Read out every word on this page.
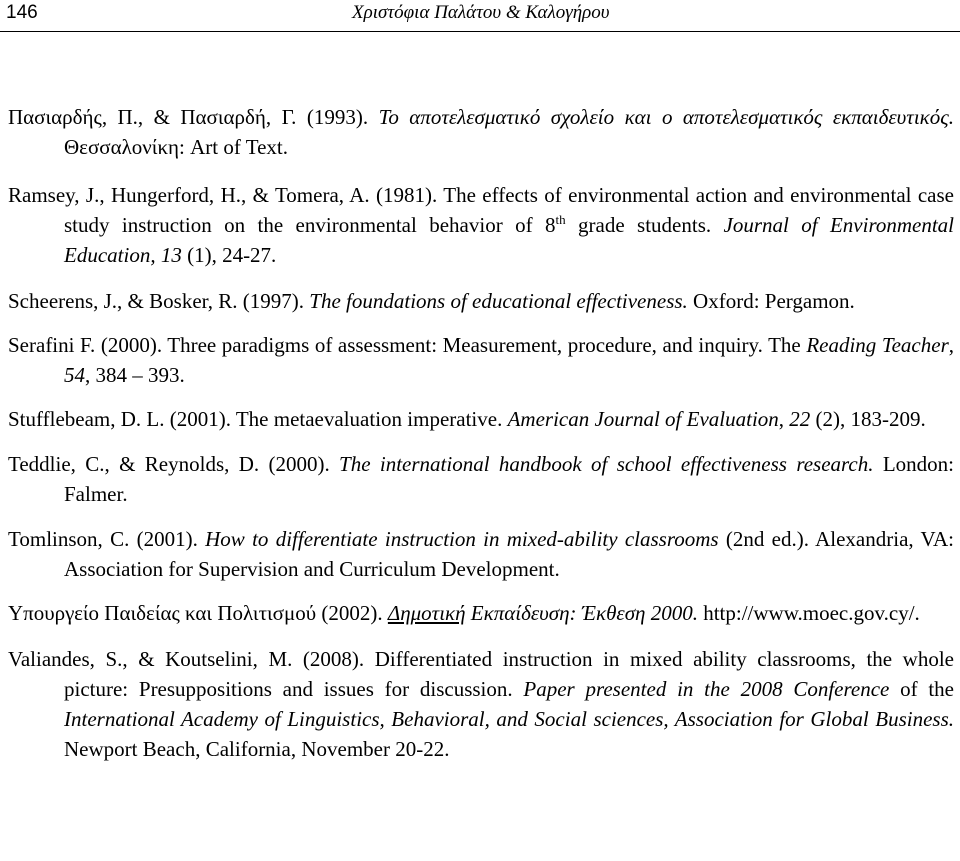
146	Χριστόφια Παλάτου & Καλογήρου

Πασιαρδής, Π., & Πασιαρδή, Γ. (1993). Το αποτελεσματικό σχολείο και ο αποτελεσματικός εκπαιδευτικός. Θεσσαλονίκη: Art of Text.

Ramsey, J., Hungerford, H., & Tomera, A. (1981). The effects of environmental action and environmental case study instruction on the environmental behavior of 8th grade students. Journal of Environmental Education, 13 (1), 24-27.

Scheerens, J., & Bosker, R. (1997). The foundations of educational effectiveness. Oxford: Pergamon.

Serafini F. (2000). Three paradigms of assessment: Measurement, procedure, and inquiry. The Reading Teacher, 54, 384 – 393.

Stufflebeam, D. L. (2001). The metaevaluation imperative. American Journal of Evaluation, 22 (2), 183-209.

Teddlie, C., & Reynolds, D. (2000). The international handbook of school effectiveness research. London: Falmer.

Tomlinson, C. (2001). How to differentiate instruction in mixed-ability classrooms (2nd ed.). Alexandria, VA: Association for Supervision and Curriculum Development.

Υπουργείο Παιδείας και Πολιτισμού (2002). Δημοτική Εκπαίδευση: Έκθεση 2000. http://www.moec.gov.cy/.

Valiandes, S., & Koutselini, M. (2008). Differentiated instruction in mixed ability classrooms, the whole picture: Presuppositions and issues for discussion. Paper presented in the 2008 Conference of the International Academy of Linguistics, Behavioral, and Social sciences, Association for Global Business. Newport Beach, California, November 20-22.
